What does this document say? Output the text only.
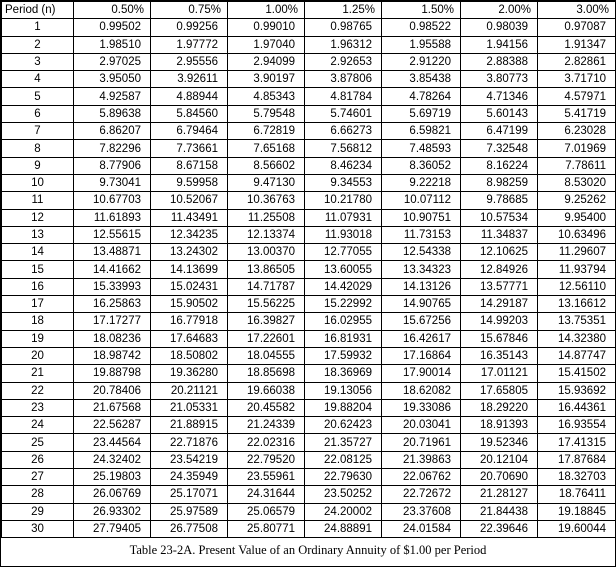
Period (n)	0.50%	0.75%	1.00%	1.25%	1.50%	2.00%	3.00%
1	0.99502	0.99256	0.99010	0.98765	0.98522	0.98039	0.97087
2	1.98510	1.97772	1.97040	1.96312	1.95588	1.94156	1.91347
3	2.97025	2.95556	2.94099	2.92653	2.91220	2.88388	2.82861
4	3.95050	3.92611	3.90197	3.87806	3.85438	3.80773	3.71710
5	4.92587	4.88944	4.85343	4.81784	4.78264	4.71346	4.57971
6	5.89638	5.84560	5.79548	5.74601	5.69719	5.60143	5.41719
7	6.86207	6.79464	6.72819	6.66273	6.59821	6.47199	6.23028
8	7.82296	7.73661	7.65168	7.56812	7.48593	7.32548	7.01969
9	8.77906	8.67158	8.56602	8.46234	8.36052	8.16224	7.78611
10	9.73041	9.59958	9.47130	9.34553	9.22218	8.98259	8.53020
11	10.67703	10.52067	10.36763	10.21780	10.07112	9.78685	9.25262
12	11.61893	11.43491	11.25508	11.07931	10.90751	10.57534	9.95400
13	12.55615	12.34235	12.13374	11.93018	11.73153	11.34837	10.63496
14	13.48871	13.24302	13.00370	12.77055	12.54338	12.10625	11.29607
15	14.41662	14.13699	13.86505	13.60055	13.34323	12.84926	11.93794
16	15.33993	15.02431	14.71787	14.42029	14.13126	13.57771	12.56110
17	16.25863	15.90502	15.56225	15.22992	14.90765	14.29187	13.16612
18	17.17277	16.77918	16.39827	16.02955	15.67256	14.99203	13.75351
19	18.08236	17.64683	17.22601	16.81931	16.42617	15.67846	14.32380
20	18.98742	18.50802	18.04555	17.59932	17.16864	16.35143	14.87747
21	19.88798	19.36280	18.85698	18.36969	17.90014	17.01121	15.41502
22	20.78406	20.21121	19.66038	19.13056	18.62082	17.65805	15.93692
23	21.67568	21.05331	20.45582	19.88204	19.33086	18.29220	16.44361
24	22.56287	21.88915	21.24339	20.62423	20.03041	18.91393	16.93554
25	23.44564	22.71876	22.02316	21.35727	20.71961	19.52346	17.41315
26	24.32402	23.54219	22.79520	22.08125	21.39863	20.12104	17.87684
27	25.19803	24.35949	23.55961	22.79630	22.06762	20.70690	18.32703
28	26.06769	25.17071	24.31644	23.50252	22.72672	21.28127	18.76411
29	26.93302	25.97589	25.06579	24.20002	23.37608	21.84438	19.18845
30	27.79405	26.77508	25.80771	24.88891	24.01584	22.39646	19.60044
Table 23-2A. Present Value of an Ordinary Annuity of $1.00 per Period
